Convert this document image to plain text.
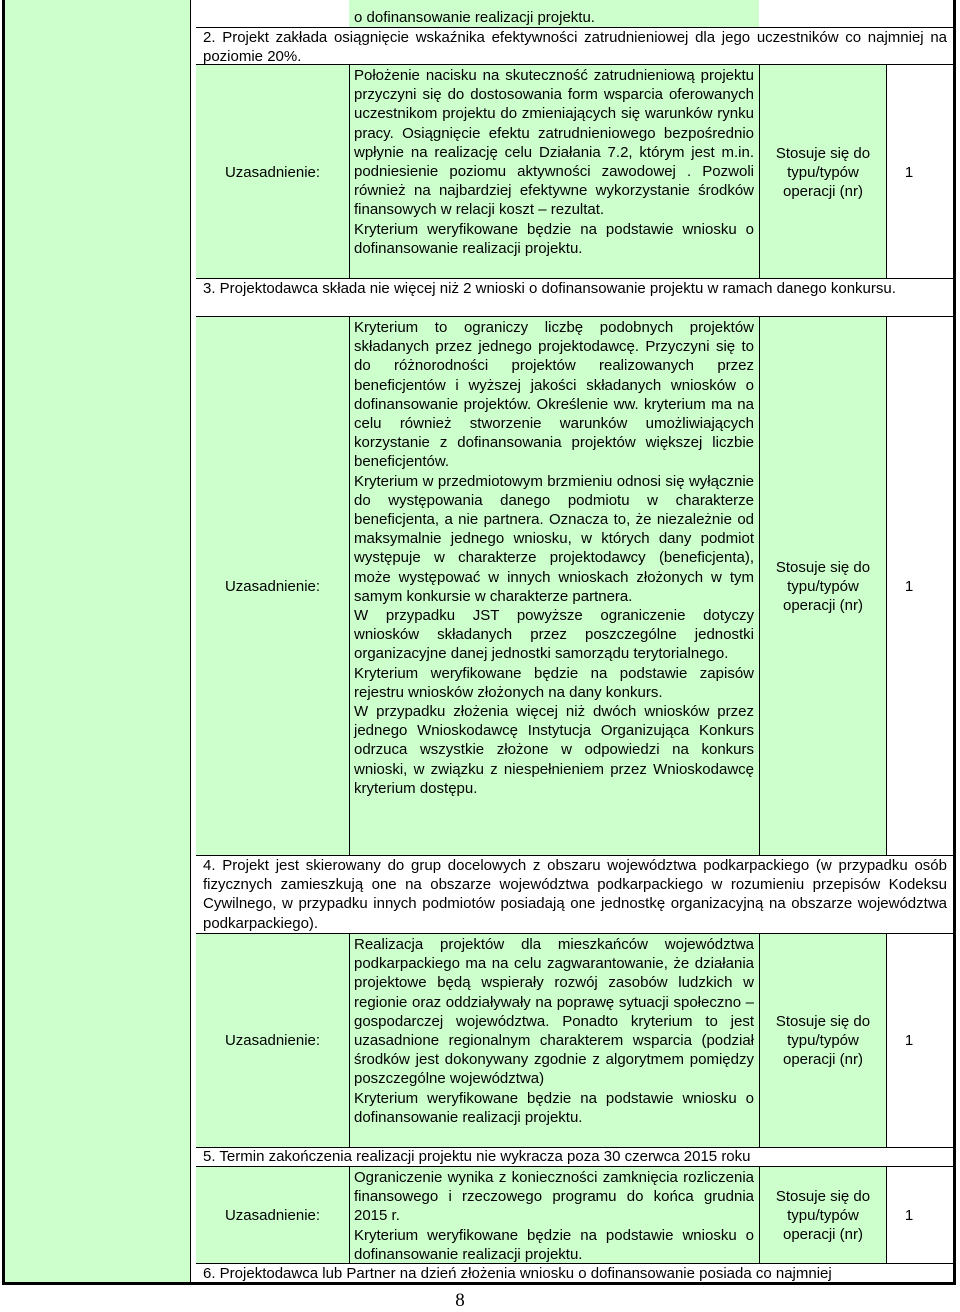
o dofinansowanie realizacji projektu.
2. Projekt zakłada osiągnięcie wskaźnika efektywności zatrudnieniowej dla jego uczestników co najmniej na poziomie 20%.
Uzasadnienie:

Położenie nacisku na skuteczność zatrudnieniową projektu przyczyni się do dostosowania form wsparcia oferowanych uczestnikom projektu do zmieniających się warunków rynku pracy. Osiągnięcie efektu zatrudnieniowego bezpośrednio wpłynie na realizację celu Działania 7.2, którym jest m.in. podniesienie poziomu aktywności zawodowej . Pozwoli również na najbardziej efektywne wykorzystanie środków finansowych w relacji koszt – rezultat.

Kryterium weryfikowane będzie na podstawie wniosku o dofinansowanie realizacji projektu.

Stosuje się do typu/typów operacji (nr)
1
3. Projektodawca składa nie więcej niż 2 wnioski o dofinansowanie projektu w ramach danego konkursu.
Uzasadnienie:

Kryterium to ograniczy liczbę podobnych projektów składanych przez jednego projektodawcę. Przyczyni się to do różnorodności projektów realizowanych przez beneficjentów i wyższej jakości składanych wniosków o dofinansowanie projektów. Określenie ww. kryterium ma na celu również stworzenie warunków umożliwiających korzystanie z dofinansowania projektów większej liczbie beneficjentów.

Kryterium w przedmiotowym brzmieniu odnosi się wyłącznie do występowania danego podmiotu w charakterze beneficjenta, a nie partnera. Oznacza to, że niezależnie od maksymalnie jednego wniosku, w których dany podmiot występuje w charakterze projektodawcy (beneficjenta), może występować w innych wnioskach złożonych w tym samym konkursie w charakterze partnera.

W przypadku JST powyższe ograniczenie dotyczy wniosków składanych przez poszczególne jednostki organizacyjne danej jednostki samorządu terytorialnego.

Kryterium weryfikowane będzie na podstawie zapisów rejestru wniosków złożonych na dany konkurs.

W przypadku złożenia więcej niż dwóch wniosków przez jednego Wnioskodawcę Instytucja Organizująca Konkurs odrzuca wszystkie złożone w odpowiedzi na konkurs wnioski, w związku z niespełnieniem przez Wnioskodawcę kryterium dostępu.

Stosuje się do typu/typów operacji (nr)
1
4. Projekt jest skierowany do grup docelowych z obszaru województwa podkarpackiego (w przypadku osób fizycznych zamieszkują one na obszarze województwa podkarpackiego w rozumieniu przepisów Kodeksu Cywilnego, w przypadku innych podmiotów posiadają one jednostkę organizacyjną na obszarze województwa podkarpackiego).
Uzasadnienie:

Realizacja projektów dla mieszkańców województwa podkarpackiego ma na celu zagwarantowanie, że działania projektowe będą wspierały rozwój zasobów ludzkich w regionie oraz oddziaływały na poprawę sytuacji społeczno – gospodarczej województwa. Ponadto kryterium to jest uzasadnione regionalnym charakterem wsparcia (podział środków jest dokonywany zgodnie z algorytmem pomiędzy poszczególne województwa)

Kryterium weryfikowane będzie na podstawie wniosku o dofinansowanie realizacji projektu.

Stosuje się do typu/typów operacji (nr)
1
5. Termin zakończenia realizacji projektu nie wykracza poza 30 czerwca 2015 roku
Uzasadnienie:

Ograniczenie wynika z konieczności zamknięcia rozliczenia finansowego i rzeczowego programu do końca grudnia 2015 r.

Kryterium weryfikowane będzie na podstawie wniosku o dofinansowanie realizacji projektu.

Stosuje się do typu/typów operacji (nr)
1
6. Projektodawca lub Partner na dzień złożenia wniosku o dofinansowanie posiada co najmniej
8
